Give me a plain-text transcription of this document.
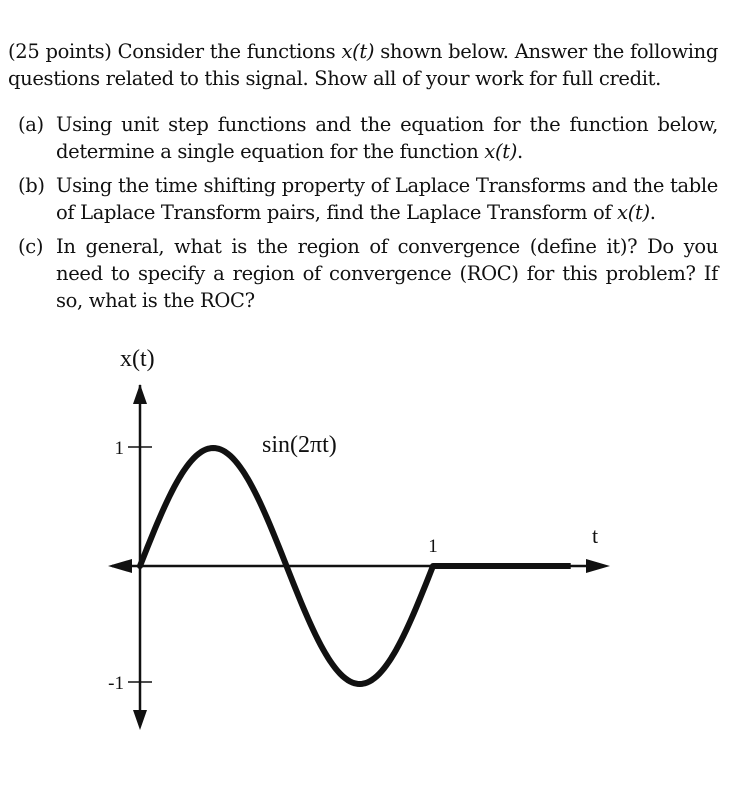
(25 points) Consider the functions x(t) shown below. Answer the following questions related to this signal. Show all of your work for full credit.
(a) Using unit step functions and the equation for the function below, determine a single equation for the function x(t).
(b) Using the time shifting property of Laplace Transforms and the table of Laplace Transform pairs, find the Laplace Transform of x(t).
(c) In general, what is the region of convergence (define it)? Do you need to specify a region of convergence (ROC) for this problem? If so, what is the ROC?
x(t)
1
-1
1	t
sin(2πt)
